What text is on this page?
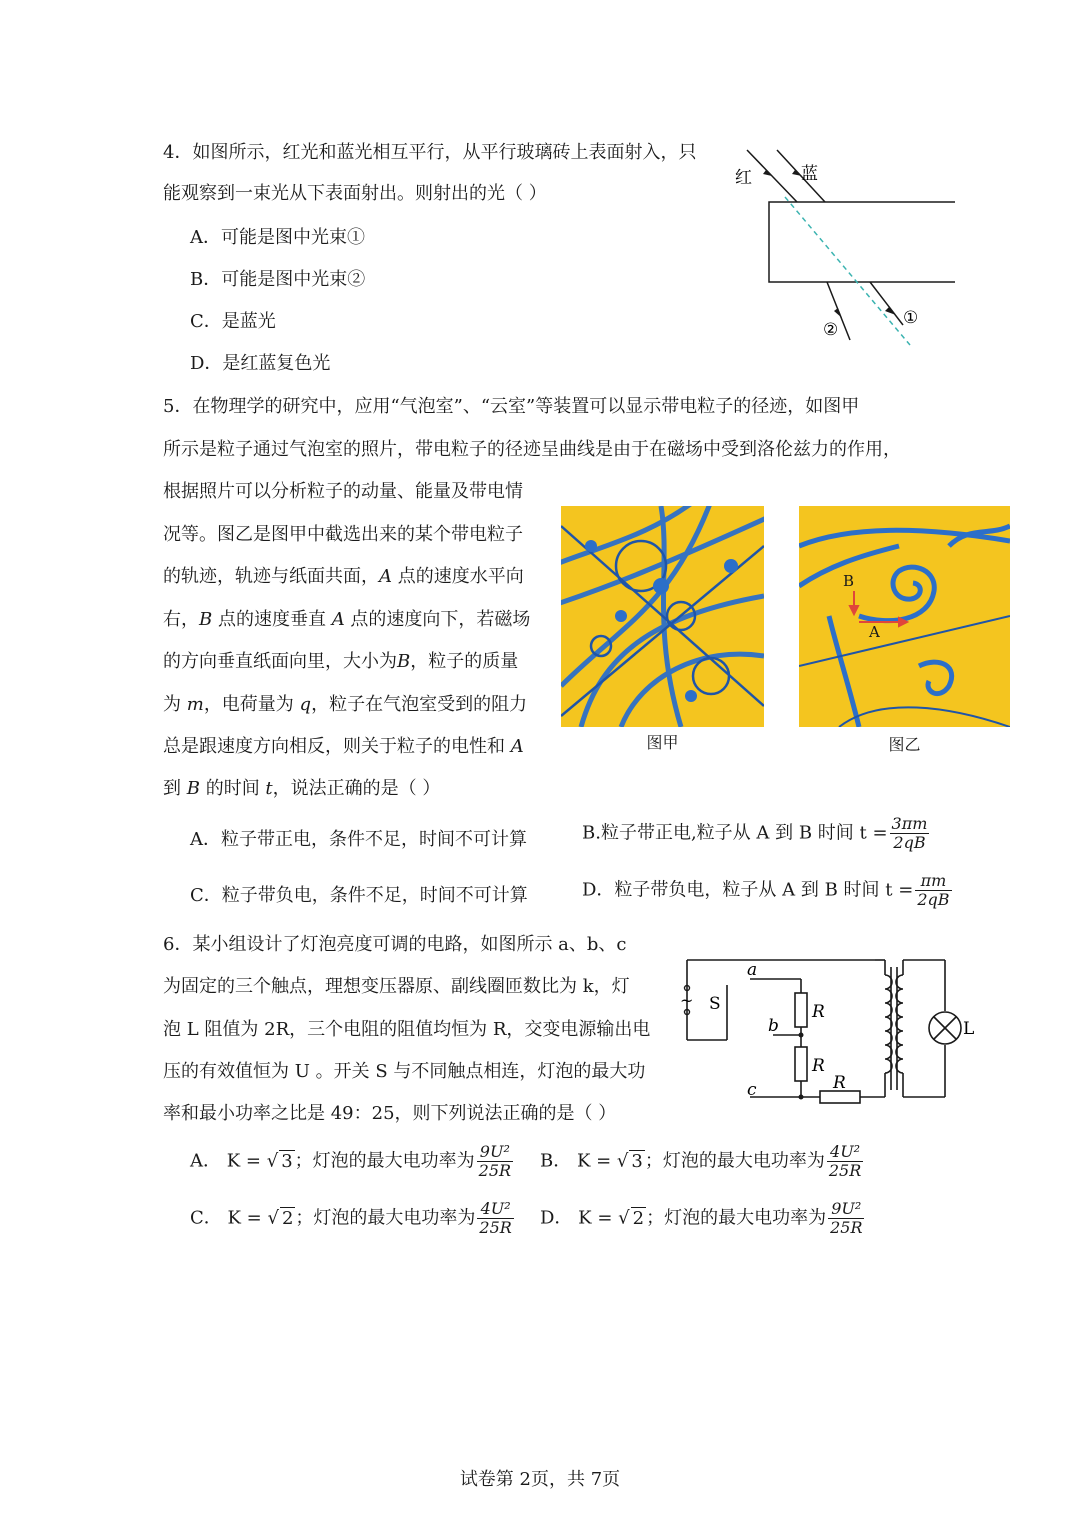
4．如图所示，红光和蓝光相互平行，从平行玻璃砖上表面射入，只
能观察到一束光从下表面射出。则射出的光（ ）
A．可能是图中光束①
B．可能是图中光束②
C．是蓝光
D．是红蓝复色光
红	蓝
①
②
5．在物理学的研究中，应用“气泡室”、“云室”等装置可以显示带电粒子的径迹，如图甲
所示是粒子通过气泡室的照片，带电粒子的径迹呈曲线是由于在磁场中受到洛伦兹力的作用，
根据照片可以分析粒子的动量、能量及带电情
况等。图乙是图甲中截选出来的某个带电粒子
的轨迹，轨迹与纸面共面，A 点的速度水平向
右，B 点的速度垂直 A 点的速度向下，若磁场
的方向垂直纸面向里，大小为B，粒子的质量
为 m，电荷量为 q，粒子在气泡室受到的阻力
总是跟速度方向相反，则关于粒子的电性和 A
到 B 的时间 t，说法正确的是（ ）
图甲
B
A
图乙
A．粒子带正电，条件不足，时间不可计算	B.粒子带正电,粒子从 A 到 B 时间 $t = \frac{3\pi m}{2qB}$
C．粒子带负电，条件不足，时间不可计算	D．粒子带负电，粒子从 A 到 B 时间 $t = \frac{\pi m}{2qB}$
6．某小组设计了灯泡亮度可调的电路，如图所示 a、b、c
为固定的三个触点，理想变压器原、副线圈匝数比为 k，灯
泡 L 阻值为 2R，三个电阻的阻值均恒为 R，交变电源输出电
压的有效值恒为 U 。开关 S 与不同触点相连，灯泡的最大功
率和最小功率之比是 49：25，则下列说法正确的是（ ）
~ S
a
b
c
R
R
R
L
A． K = √ 3 ；灯泡的最大电功率为 $\frac{\text{9U²}}{25R}$ B． K = √ 3 ；灯泡的最大电功率为 $\frac{\text{4U²}}{25R}$
C． K = √ 2 ；灯泡的最大电功率为 $\frac{\text{4U²}}{25R}$ D． K = √ 2 ；灯泡的最大电功率为 $\frac{\text{9U²}}{25R}$
试卷第 2页，共 7页
